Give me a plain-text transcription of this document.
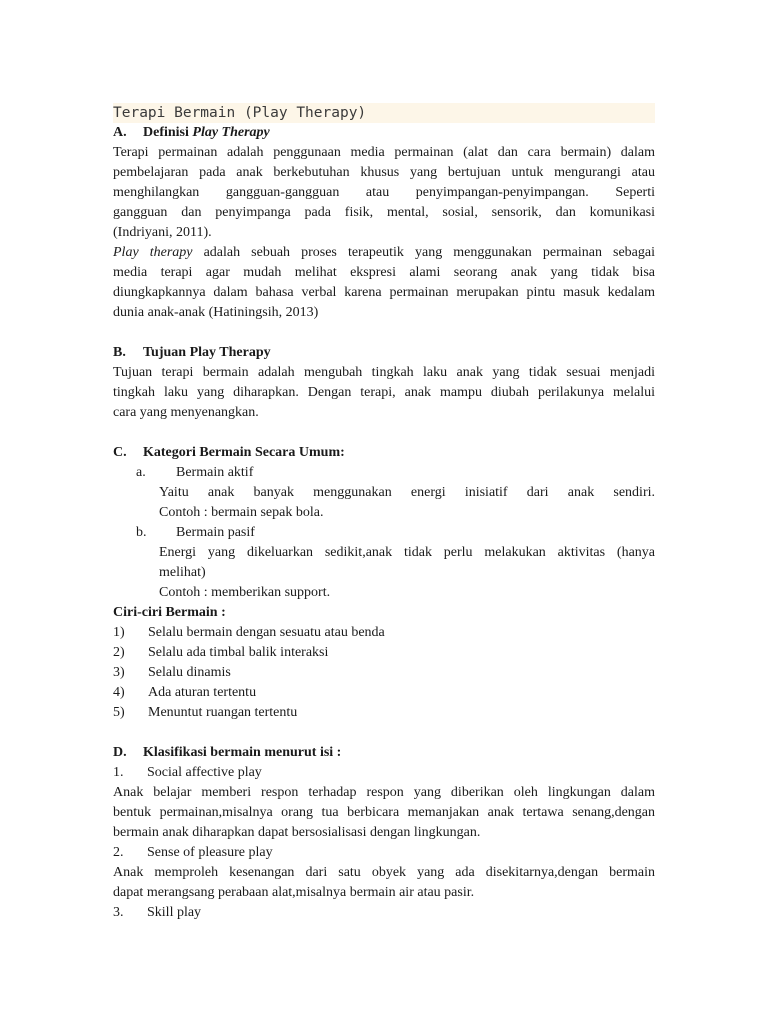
Terapi Bermain (Play Therapy)
A. Definisi Play Therapy
Terapi permainan adalah penggunaan media permainan (alat dan cara bermain) dalam
pembelajaran pada anak berkebutuhan khusus yang bertujuan untuk mengurangi atau
menghilangkan gangguan-gangguan atau penyimpangan-penyimpangan. Seperti
gangguan dan penyimpanga pada fisik, mental, sosial, sensorik, dan komunikasi
(Indriyani, 2011).
Play therapy adalah sebuah proses terapeutik yang menggunakan permainan sebagai
media terapi agar mudah melihat ekspresi alami seorang anak yang tidak bisa
diungkapkannya dalam bahasa verbal karena permainan merupakan pintu masuk kedalam
dunia anak-anak (Hatiningsih, 2013)
B. Tujuan Play Therapy
Tujuan terapi bermain adalah mengubah tingkah laku anak yang tidak sesuai menjadi
tingkah laku yang diharapkan. Dengan terapi, anak mampu diubah perilakunya melalui
cara yang menyenangkan.
C. Kategori Bermain Secara Umum:
a. Bermain aktif
Yaitu anak banyak menggunakan energi inisiatif dari anak sendiri.
Contoh : bermain sepak bola.
b. Bermain pasif
Energi yang dikeluarkan sedikit,anak tidak perlu melakukan aktivitas (hanya
melihat)
Contoh : memberikan support.
Ciri-ciri Bermain :
1) Selalu bermain dengan sesuatu atau benda
2) Selalu ada timbal balik interaksi
3) Selalu dinamis
4) Ada aturan tertentu
5) Menuntut ruangan tertentu
D. Klasifikasi bermain menurut isi :
1. Social affective play
Anak belajar memberi respon terhadap respon yang diberikan oleh lingkungan dalam
bentuk permainan,misalnya orang tua berbicara memanjakan anak tertawa senang,dengan
bermain anak diharapkan dapat bersosialisasi dengan lingkungan.
2. Sense of pleasure play
Anak memproleh kesenangan dari satu obyek yang ada disekitarnya,dengan bermain
dapat merangsang perabaan alat,misalnya bermain air atau pasir.
3. Skill play
